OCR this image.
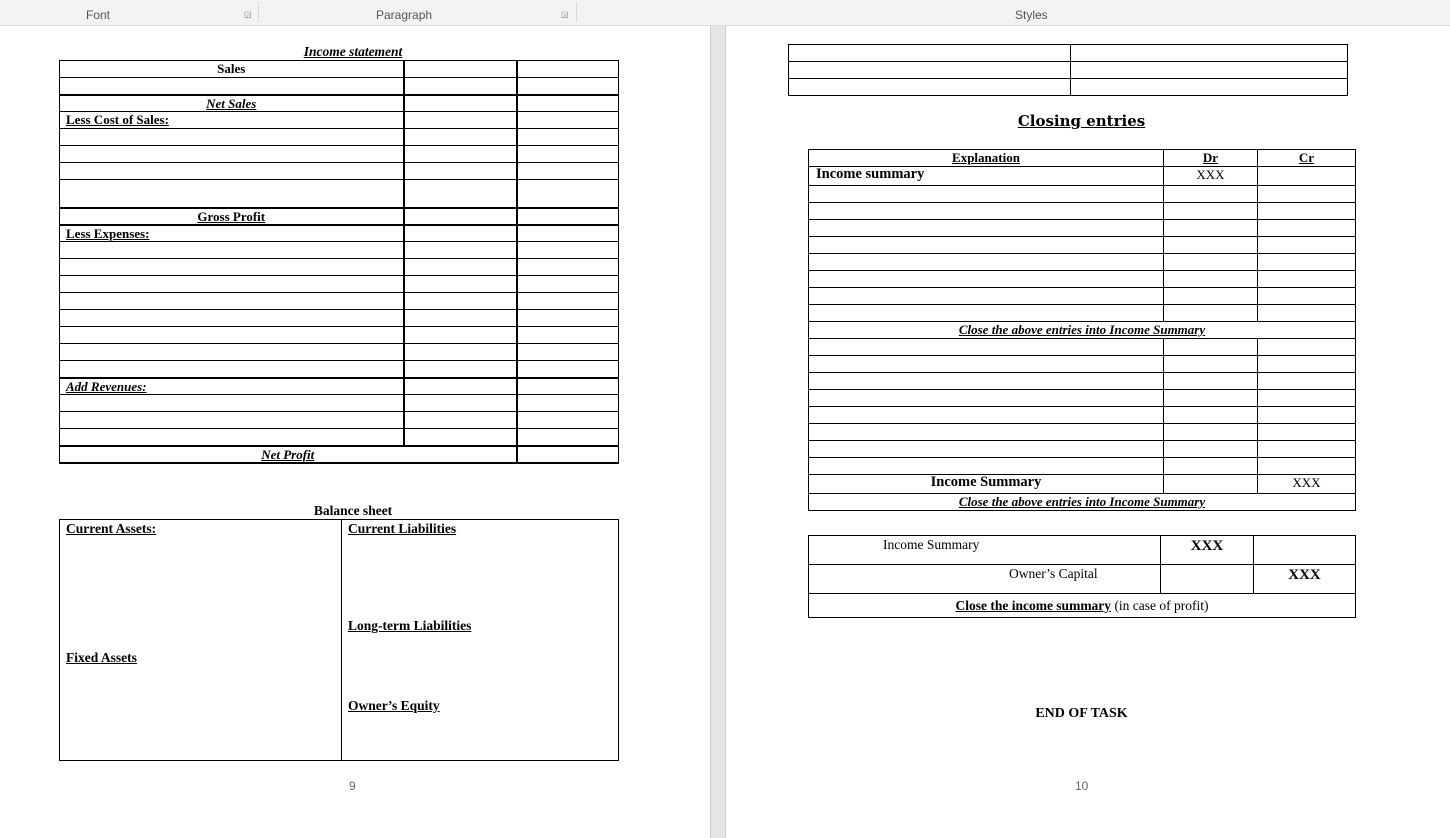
Font	◲	Paragraph	◲	Styles
Income statement
Sales		

Net Sales		
Less Cost of Sales:		

Gross Profit		
Less Expenses:		

Add Revenues:		

Net Profit		
Balance sheet
Current Assets:
Fixed Assets

Current Liabilities
Long-term Liabilities
Owner’s Equity
9

Closing entries
Explanation	Dr	Cr
Income summary	XXX	

Close the above entries into Income Summary		

Income Summary		XXX
Close the above entries into Income Summary		
Income Summary	XXX	
Owner’s Capital		XXX
Close the income summary (in case of profit)		
END OF TASK
10
